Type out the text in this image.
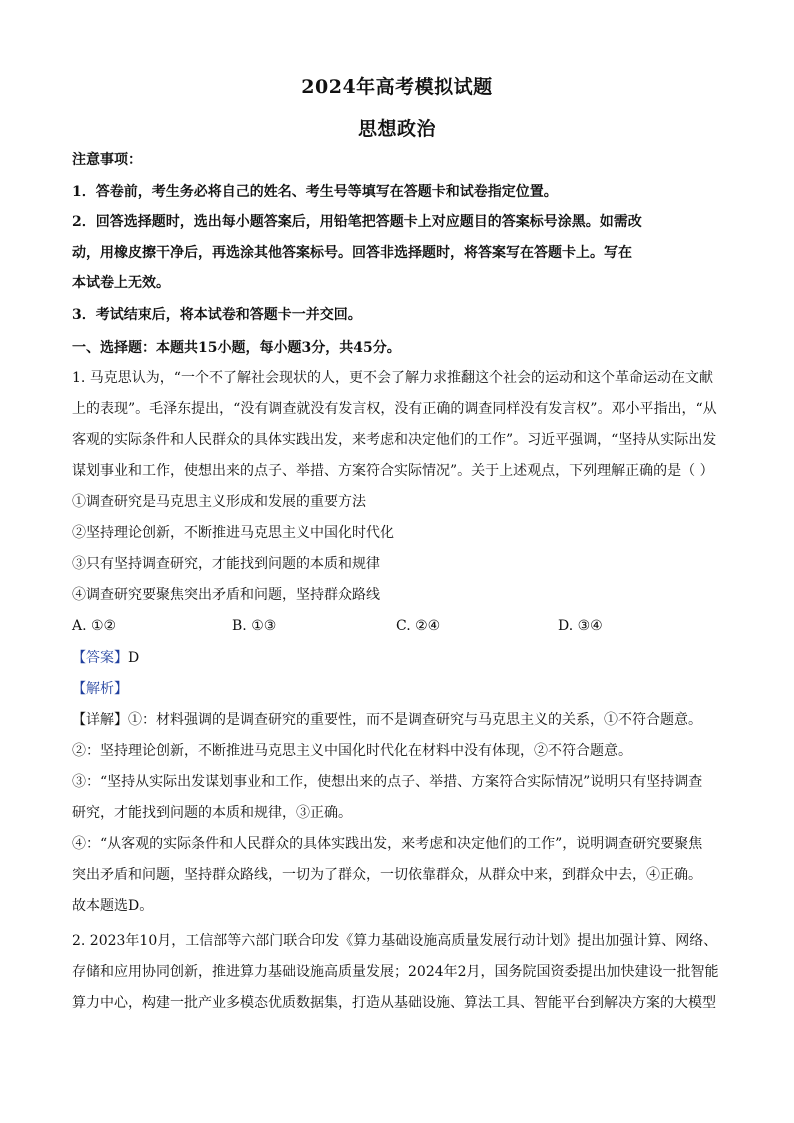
2024年高考模拟试题
思想政治
注意事项：
1．答卷前，考生务必将自己的姓名、考生号等填写在答题卡和试卷指定位置。
2．回答选择题时，选出每小题答案后，用铅笔把答题卡上对应题目的答案标号涂黑。如需改
动，用橡皮擦干净后，再选涂其他答案标号。回答非选择题时，将答案写在答题卡上。写在
本试卷上无效。
3．考试结束后，将本试卷和答题卡一并交回。
一、选择题：本题共15小题，每小题3分，共45分。
1. 马克思认为，“一个不了解社会现状的人，更不会了解力求推翻这个社会的运动和这个革命运动在文献
上的表现”。毛泽东提出，“没有调查就没有发言权，没有正确的调查同样没有发言权”。邓小平指出，“从
客观的实际条件和人民群众的具体实践出发，来考虑和决定他们的工作”。习近平强调，“坚持从实际出发
谋划事业和工作，使想出来的点子、举措、方案符合实际情况”。关于上述观点，下列理解正确的是（ ）
①调查研究是马克思主义形成和发展的重要方法
②坚持理论创新，不断推进马克思主义中国化时代化
③只有坚持调查研究，才能找到问题的本质和规律
④调查研究要聚焦突出矛盾和问题，坚持群众路线
A. ①②	B. ①③	C. ②④	D. ③④
【答案】D
【解析】
【详解】①：材料强调的是调查研究的重要性，而不是调查研究与马克思主义的关系，①不符合题意。
②：坚持理论创新，不断推进马克思主义中国化时代化在材料中没有体现，②不符合题意。
③：“坚持从实际出发谋划事业和工作，使想出来的点子、举措、方案符合实际情况”说明只有坚持调查
研究，才能找到问题的本质和规律，③正确。
④：“从客观的实际条件和人民群众的具体实践出发，来考虑和决定他们的工作”，说明调查研究要聚焦
突出矛盾和问题，坚持群众路线，一切为了群众，一切依靠群众，从群众中来，到群众中去，④正确。
故本题选D。
2. 2023年10月，工信部等六部门联合印发《算力基础设施高质量发展行动计划》提出加强计算、网络、
存储和应用协同创新，推进算力基础设施高质量发展；2024年2月，国务院国资委提出加快建设一批智能
算力中心，构建一批产业多模态优质数据集，打造从基础设施、算法工具、智能平台到解决方案的大模型
